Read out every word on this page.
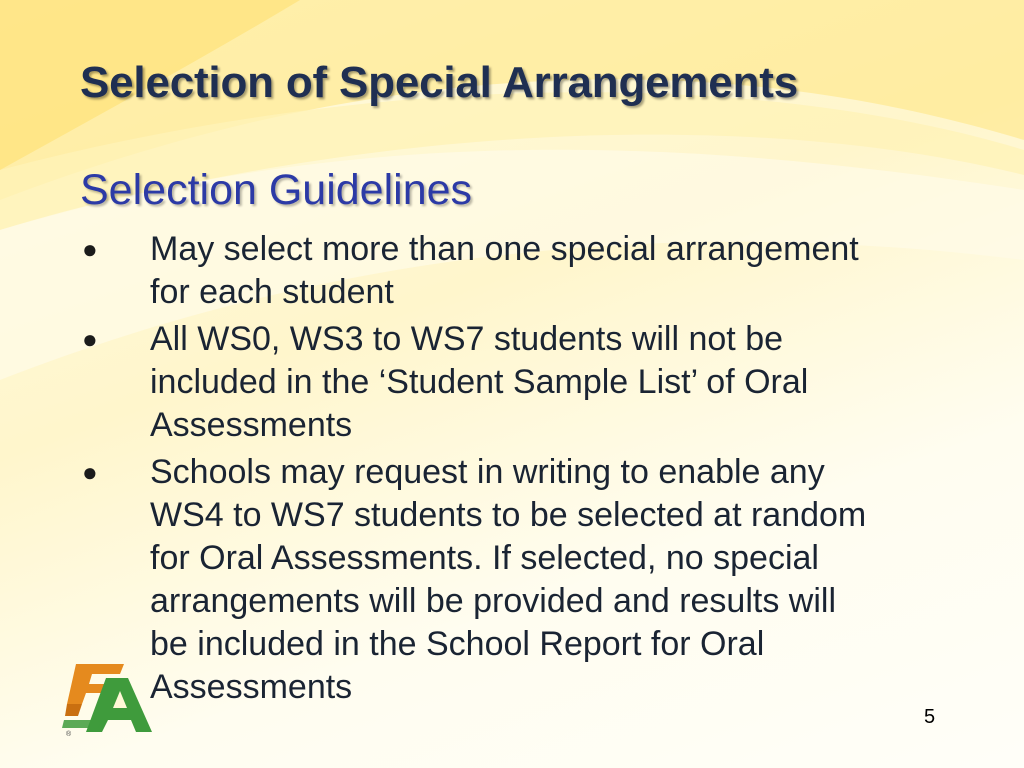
Selection of Special Arrangements
Selection Guidelines
●	May select more than one special arrangement
for each student
●	All WS0, WS3 to WS7 students will not be
included in the ‘Student Sample List’ of Oral
Assessments
●	Schools may request in writing to enable any
WS4 to WS7 students to be selected at random
for Oral Assessments. If selected, no special
arrangements will be provided and results will
be included in the School Report for Oral
Assessments
®
5
